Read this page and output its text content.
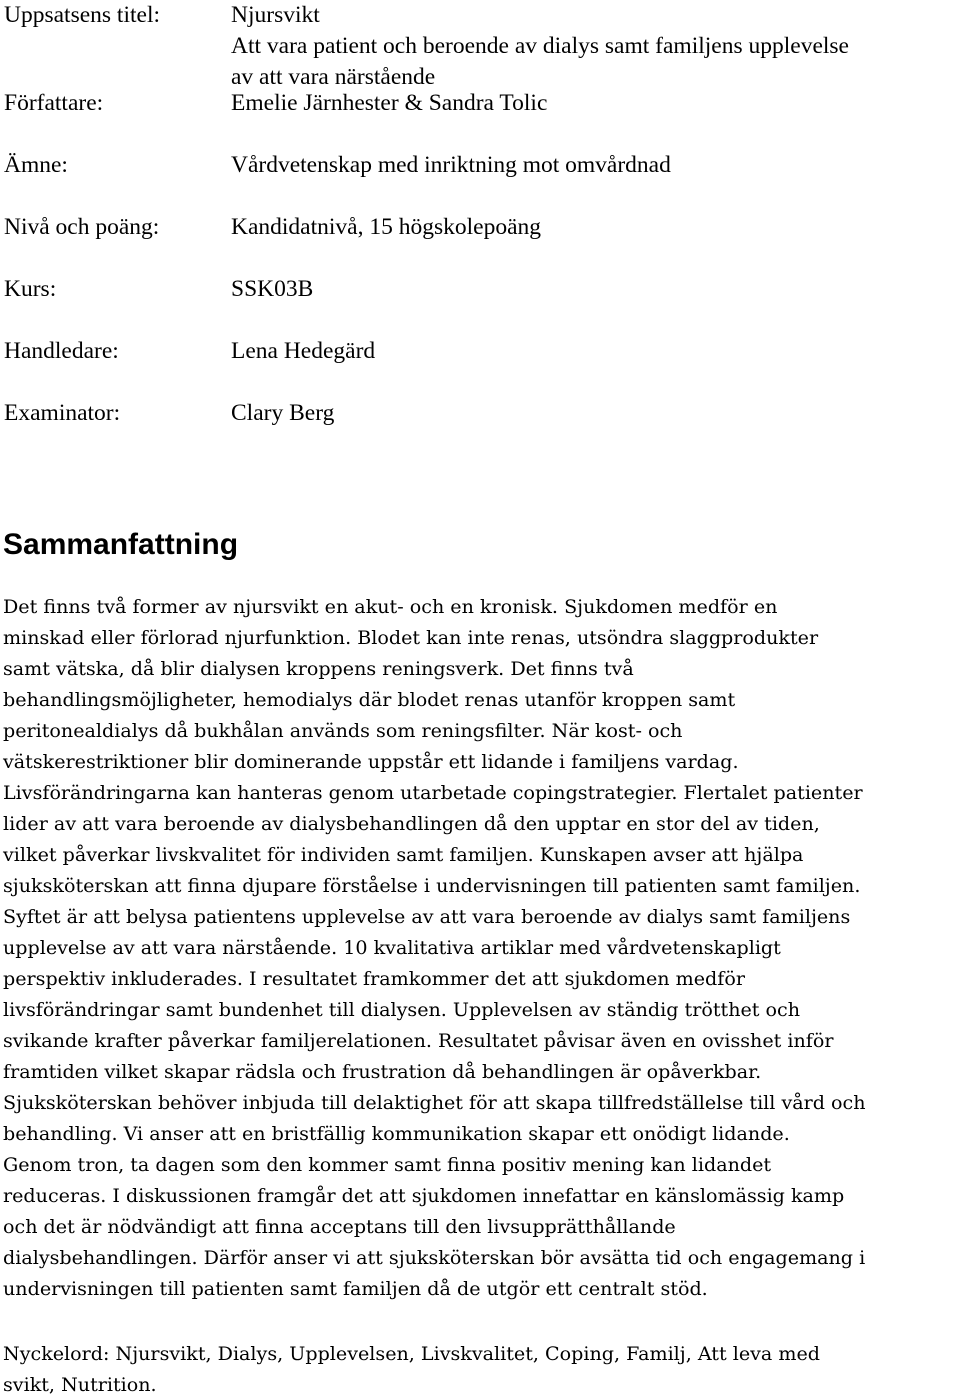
Uppsatsens titel:	Njursvikt
Att vara patient och beroende av dialys samt familjens upplevelse
av att vara närstående
Författare:	Emelie Järnhester & Sandra Tolic
Ämne:	Vårdvetenskap med inriktning mot omvårdnad
Nivå och poäng:	Kandidatnivå, 15 högskolepoäng
Kurs:	SSK03B
Handledare:	Lena Hedegärd
Examinator:	Clary Berg
Sammanfattning
Det finns två former av njursvikt en akut- och en kronisk. Sjukdomen medför en
minskad eller förlorad njurfunktion. Blodet kan inte renas, utsöndra slaggprodukter
samt vätska, då blir dialysen kroppens reningsverk. Det finns två
behandlingsmöjligheter, hemodialys där blodet renas utanför kroppen samt
peritonealdialys då bukhålan används som reningsfilter. När kost- och
vätskerestriktioner blir dominerande uppstår ett lidande i familjens vardag.
Livsförändringarna kan hanteras genom utarbetade copingstrategier. Flertalet patienter
lider av att vara beroende av dialysbehandlingen då den upptar en stor del av tiden,
vilket påverkar livskvalitet för individen samt familjen. Kunskapen avser att hjälpa
sjuksköterskan att finna djupare förståelse i undervisningen till patienten samt familjen.
Syftet är att belysa patientens upplevelse av att vara beroende av dialys samt familjens
upplevelse av att vara närstående. 10 kvalitativa artiklar med vårdvetenskapligt
perspektiv inkluderades. I resultatet framkommer det att sjukdomen medför
livsförändringar samt bundenhet till dialysen. Upplevelsen av ständig trötthet och
svikande krafter påverkar familjerelationen. Resultatet påvisar även en ovisshet inför
framtiden vilket skapar rädsla och frustration då behandlingen är opåverkbar.
Sjuksköterskan behöver inbjuda till delaktighet för att skapa tillfredställelse till vård och
behandling. Vi anser att en bristfällig kommunikation skapar ett onödigt lidande.
Genom tron, ta dagen som den kommer samt finna positiv mening kan lidandet
reduceras. I diskussionen framgår det att sjukdomen innefattar en känslomässig kamp
och det är nödvändigt att finna acceptans till den livsupprätthållande
dialysbehandlingen. Därför anser vi att sjuksköterskan bör avsätta tid och engagemang i
undervisningen till patienten samt familjen då de utgör ett centralt stöd.
Nyckelord: Njursvikt, Dialys, Upplevelsen, Livskvalitet, Coping, Familj, Att leva med
svikt, Nutrition.
